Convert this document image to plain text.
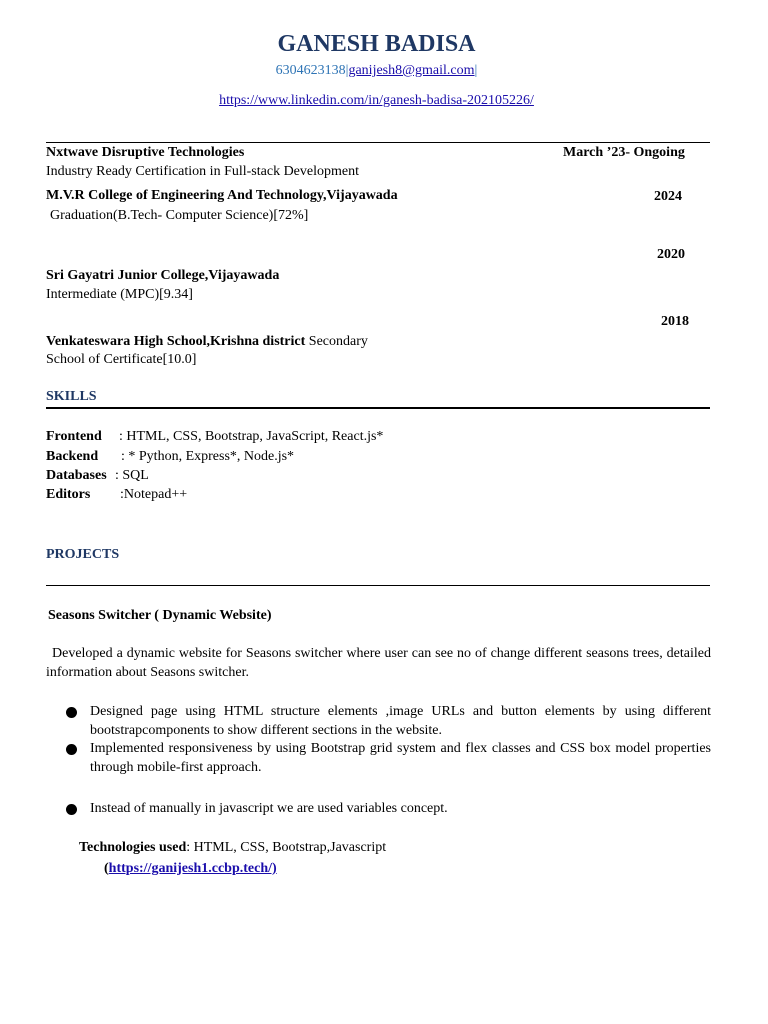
GANESH BADISA
6304623138|ganijesh8@gmail.com|
https://www.linkedin.com/in/ganesh-badisa-202105226/
Nxtwave Disruptive Technologies	March ’23- Ongoing
Industry Ready Certification in Full-stack Development
M.V.R College of Engineering And Technology,Vijayawada	2024
Graduation(B.Tech- Computer Science)[72%]
2020
Sri Gayatri Junior College,Vijayawada
Intermediate (MPC)[9.34]
2018
Venkateswara High School,Krishna district Secondary
School of Certificate[10.0]
SKILLS
Frontend : HTML, CSS, Bootstrap, JavaScript, React.js*
Backend : * Python, Express*, Node.js*
Databases : SQL
Editors :Notepad++
PROJECTS
Seasons Switcher ( Dynamic Website)
Developed a dynamic website for Seasons switcher where user can see no of change different seasons trees, detailed information about Seasons switcher.
Designed page using HTML structure elements ,image URLs and button elements by using different bootstrapcomponents to show different sections in the website.
Implemented responsiveness by using Bootstrap grid system and flex classes and CSS box model properties through mobile-first approach.
Instead of manually in javascript we are used variables concept.
Technologies used: HTML, CSS, Bootstrap,Javascript
(https://ganijesh1.ccbp.tech/)
